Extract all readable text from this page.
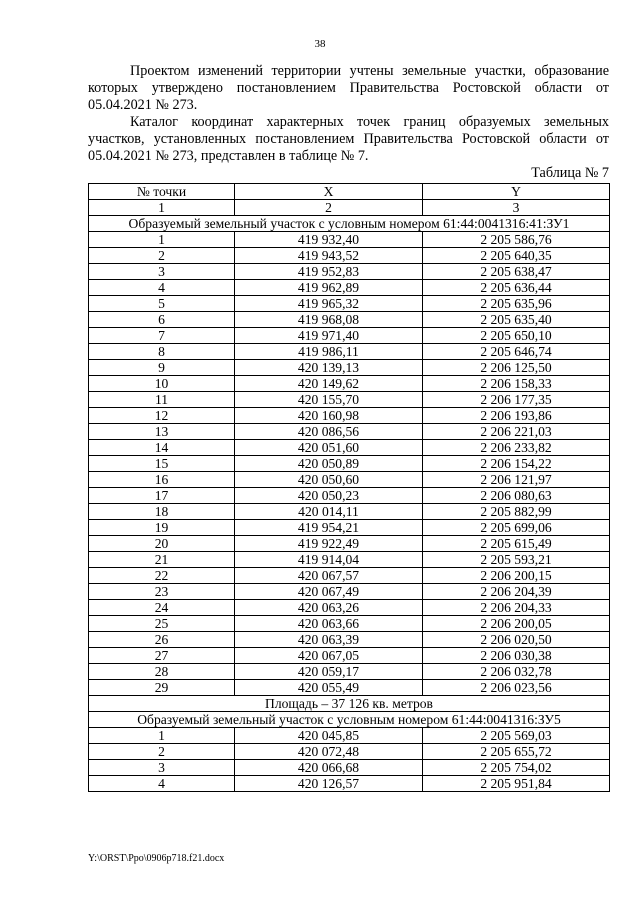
38

Проектом изменений территории учтены земельные участки, образование которых утверждено постановлением Правительства Ростовской области от 05.04.2021 № 273.

Каталог координат характерных точек границ образуемых земельных участков, установленных постановлением Правительства Ростовской области от 05.04.2021 № 273, представлен в таблице № 7.

Таблица № 7
№ точки	X	Y
1	2	3
Образуемый земельный участок с условным номером 61:44:0041316:41:ЗУ1		
1	419 932,40	2 205 586,76
2	419 943,52	2 205 640,35
3	419 952,83	2 205 638,47
4	419 962,89	2 205 636,44
5	419 965,32	2 205 635,96
6	419 968,08	2 205 635,40
7	419 971,40	2 205 650,10
8	419 986,11	2 205 646,74
9	420 139,13	2 206 125,50
10	420 149,62	2 206 158,33
11	420 155,70	2 206 177,35
12	420 160,98	2 206 193,86
13	420 086,56	2 206 221,03
14	420 051,60	2 206 233,82
15	420 050,89	2 206 154,22
16	420 050,60	2 206 121,97
17	420 050,23	2 206 080,63
18	420 014,11	2 205 882,99
19	419 954,21	2 205 699,06
20	419 922,49	2 205 615,49
21	419 914,04	2 205 593,21
22	420 067,57	2 206 200,15
23	420 067,49	2 206 204,39
24	420 063,26	2 206 204,33
25	420 063,66	2 206 200,05
26	420 063,39	2 206 020,50
27	420 067,05	2 206 030,38
28	420 059,17	2 206 032,78
29	420 055,49	2 206 023,56
Площадь – 37 126 кв. метров		
Образуемый земельный участок с условным номером 61:44:0041316:ЗУ5		
1	420 045,85	2 205 569,03
2	420 072,48	2 205 655,72
3	420 066,68	2 205 754,02
4	420 126,57	2 205 951,84
Y:\ORST\Ppo\0906p718.f21.docx
